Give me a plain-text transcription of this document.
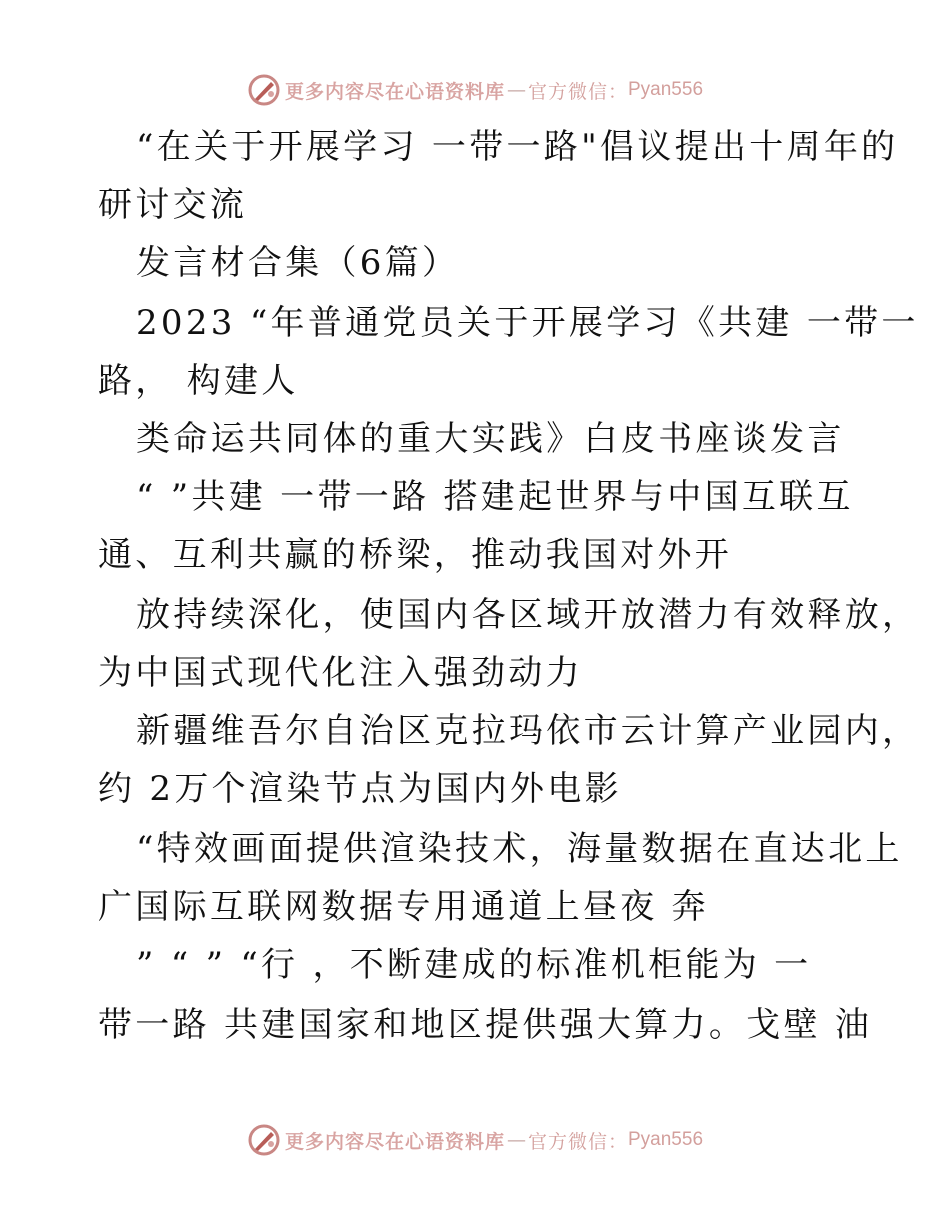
更多内容尽在心语资料库 — 官方微信： Pyan556
“在关于开展学习 一带一路"倡议提出十周年的
研讨交流
发言材合集（6篇）
2023 “年普通党员关于开展学习《共建 一带一
路， 构建人
类命运共同体的重大实践》白皮书座谈发言
“ ”共建 一带一路 搭建起世界与中国互联互
通、互利共赢的桥梁，推动我国对外开
放持续深化，使国内各区域开放潜力有效释放，
为中国式现代化注入强劲动力
新疆维吾尔自治区克拉玛依市云计算产业园内，
约 2万个渲染节点为国内外电影
“特效画面提供渲染技术，海量数据在直达北上
广国际互联网数据专用通道上昼夜 奔
” “ ” “行 ，不断建成的标准机柜能为 一
带一路 共建国家和地区提供强大算力。戈壁 油
更多内容尽在心语资料库 — 官方微信： Pyan556
